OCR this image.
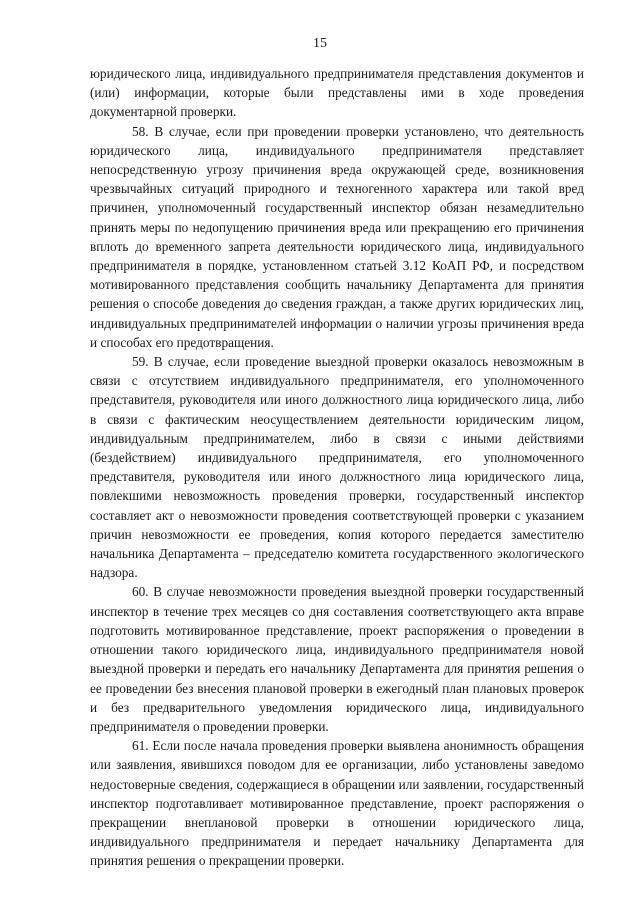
15

юридического лица, индивидуального предпринимателя представления документов и (или) информации, которые были представлены ими в ходе проведения документарной проверки.

58. В случае, если при проведении проверки установлено, что деятельность юридического лица, индивидуального предпринимателя представляет непосредственную угрозу причинения вреда окружающей среде, возникновения чрезвычайных ситуаций природного и техногенного характера или такой вред причинен, уполномоченный государственный инспектор обязан незамедлительно принять меры по недопущению причинения вреда или прекращению его причинения вплоть до временного запрета деятельности юридического лица, индивидуального предпринимателя в порядке, установленном статьей 3.12 КоАП РФ, и посредством мотивированного представления сообщить начальнику Департамента для принятия решения о способе доведения до сведения граждан, а также других юридических лиц, индивидуальных предпринимателей информации о наличии угрозы причинения вреда и способах его предотвращения.

59. В случае, если проведение выездной проверки оказалось невозможным в связи с отсутствием индивидуального предпринимателя, его уполномоченного представителя, руководителя или иного должностного лица юридического лица, либо в связи с фактическим неосуществлением деятельности юридическим лицом, индивидуальным предпринимателем, либо в связи с иными действиями (бездействием) индивидуального предпринимателя, его уполномоченного представителя, руководителя или иного должностного лица юридического лица, повлекшими невозможность проведения проверки, государственный инспектор составляет акт о невозможности проведения соответствующей проверки с указанием причин невозможности ее проведения, копия которого передается заместителю начальника Департамента – председателю комитета государственного экологического надзора.

60. В случае невозможности проведения выездной проверки государственный инспектор в течение трех месяцев со дня составления соответствующего акта вправе подготовить мотивированное представление, проект распоряжения о проведении в отношении такого юридического лица, индивидуального предпринимателя новой выездной проверки и передать его начальнику Департамента для принятия решения о ее проведении без внесения плановой проверки в ежегодный план плановых проверок и без предварительного уведомления юридического лица, индивидуального предпринимателя о проведении проверки.

61. Если после начала проведения проверки выявлена анонимность обращения или заявления, явившихся поводом для ее организации, либо установлены заведомо недостоверные сведения, содержащиеся в обращении или заявлении, государственный инспектор подготавливает мотивированное представление, проект распоряжения о прекращении внеплановой проверки в отношении юридического лица, индивидуального предпринимателя и передает начальнику Департамента для принятия решения о прекращении проверки.
